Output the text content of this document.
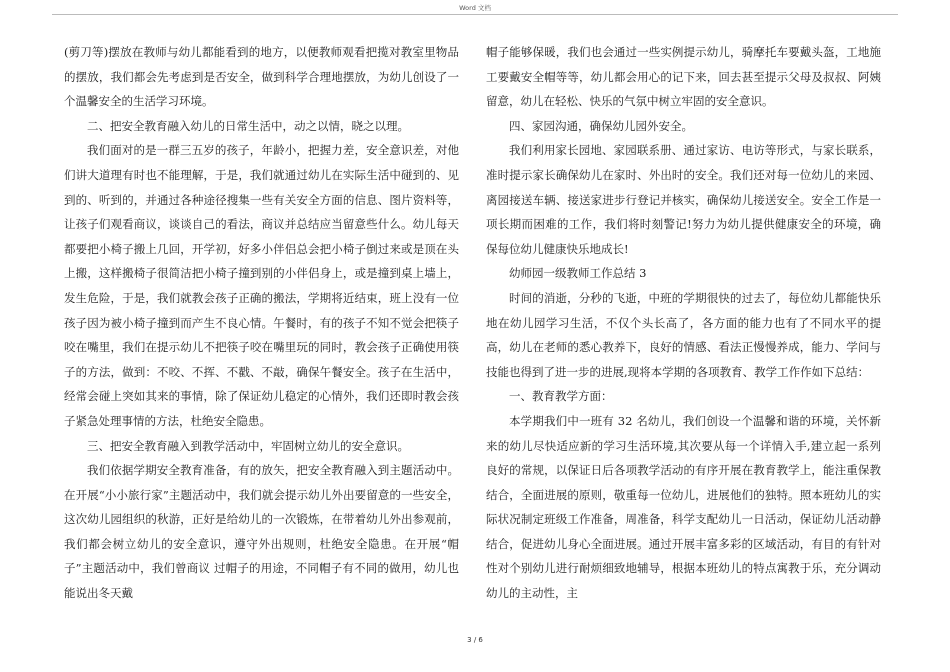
Word 文档

(剪刀等)摆放在教师与幼儿都能看到的地方，以便教师观看把揽对教室里物品的摆放，我们都会先考虑到是否安全，做到科学合理地摆放，为幼儿创设了一个温馨安全的生活学习环境。

二、把安全教育融入幼儿的日常生活中，动之以情，晓之以理。

我们面对的是一群三五岁的孩子，年龄小，把握力差，安全意识差，对他们讲大道理有时也不能理解，于是，我们就通过幼儿在实际生活中碰到的、见到的、听到的，并通过各种途径搜集一些有关安全方面的信息、图片资料等，让孩子们观看商议，谈谈自己的看法，商议并总结应当留意些什么。幼儿每天都要把小椅子搬上几回，开学初，好多小伴侣总会把小椅子倒过来或是顶在头上搬，这样搬椅子很简洁把小椅子撞到别的小伴侣身上，或是撞到桌上墙上，发生危险，于是，我们就教会孩子正确的搬法，学期将近结束，班上没有一位孩子因为被小椅子撞到而产生不良心情。午餐时，有的孩子不知不觉会把筷子咬在嘴里，我们在提示幼儿不把筷子咬在嘴里玩的同时，教会孩子正确使用筷子的方法，做到：不咬、不挥、不戳、不敲，确保午餐安全。孩子在生活中，经常会碰上突如其来的事情，除了保证幼儿稳定的心情外，我们还即时教会孩子紧急处理事情的方法，杜绝安全隐患。

三、把安全教育融入到教学活动中，牢固树立幼儿的安全意识。

我们依据学期安全教育准备，有的放矢，把安全教育融入到主题活动中。在开展“小小旅行家”主题活动中，我们就会提示幼儿外出要留意的一些安全，这次幼儿园组织的秋游，正好是给幼儿的一次锻炼，在带着幼儿外出参观前，我们都会树立幼儿的安全意识，遵守外出规则，杜绝安全隐患。在开展“帽子”主题活动中，我们曾商议 过帽子的用途，不同帽子有不同的做用，幼儿也能说出冬天戴

帽子能够保暖，我们也会通过一些实例提示幼儿，骑摩托车要戴头盔，工地施工要戴安全帽等等，幼儿都会用心的记下来，回去甚至提示父母及叔叔、阿姨留意，幼儿在轻松、快乐的气氛中树立牢固的安全意识。

四、家园沟通，确保幼儿园外安全。

我们利用家长园地、家园联系册、通过家访、电访等形式，与家长联系，准时提示家长确保幼儿在家时、外出时的安全。我们还对每一位幼儿的来园、离园接送车辆、接送家进步行登记并核实，确保幼儿接送安全。安全工作是一项长期而困难的工作，我们将时刻警记!努力为幼儿提供健康安全的环境，确保每位幼儿健康快乐地成长!

幼师园一级教师工作总结 3

时间的消逝，分秒的飞逝，中班的学期很快的过去了，每位幼儿都能快乐地在幼儿园学习生活，不仅个头长高了，各方面的能力也有了不同水平的提高，幼儿在老师的悉心教养下，良好的情感、看法正慢慢养成，能力、学问与技能也得到了进一步的进展,现将本学期的各项教育、教学工作作如下总结：

一、教育教学方面：

本学期我们中一班有 32 名幼儿，我们创设一个温馨和谐的环境，关怀新来的幼儿尽快适应新的学习生活环境,其次要从每一个详情入手,建立起一系列良好的常规，以保证日后各项教学活动的有序开展在教育教学上，能注重保教结合，全面进展的原则，敬重每一位幼儿，进展他们的独特。照本班幼儿的实际状况制定班级工作准备，周准备，科学支配幼儿一日活动，保证幼儿活动静结合，促进幼儿身心全面进展。通过开展丰富多彩的区域活动，有目的有针对性对个别幼儿进行耐烦细致地辅导，根据本班幼儿的特点寓教于乐，充分调动幼儿的主动性，主

3 / 6
